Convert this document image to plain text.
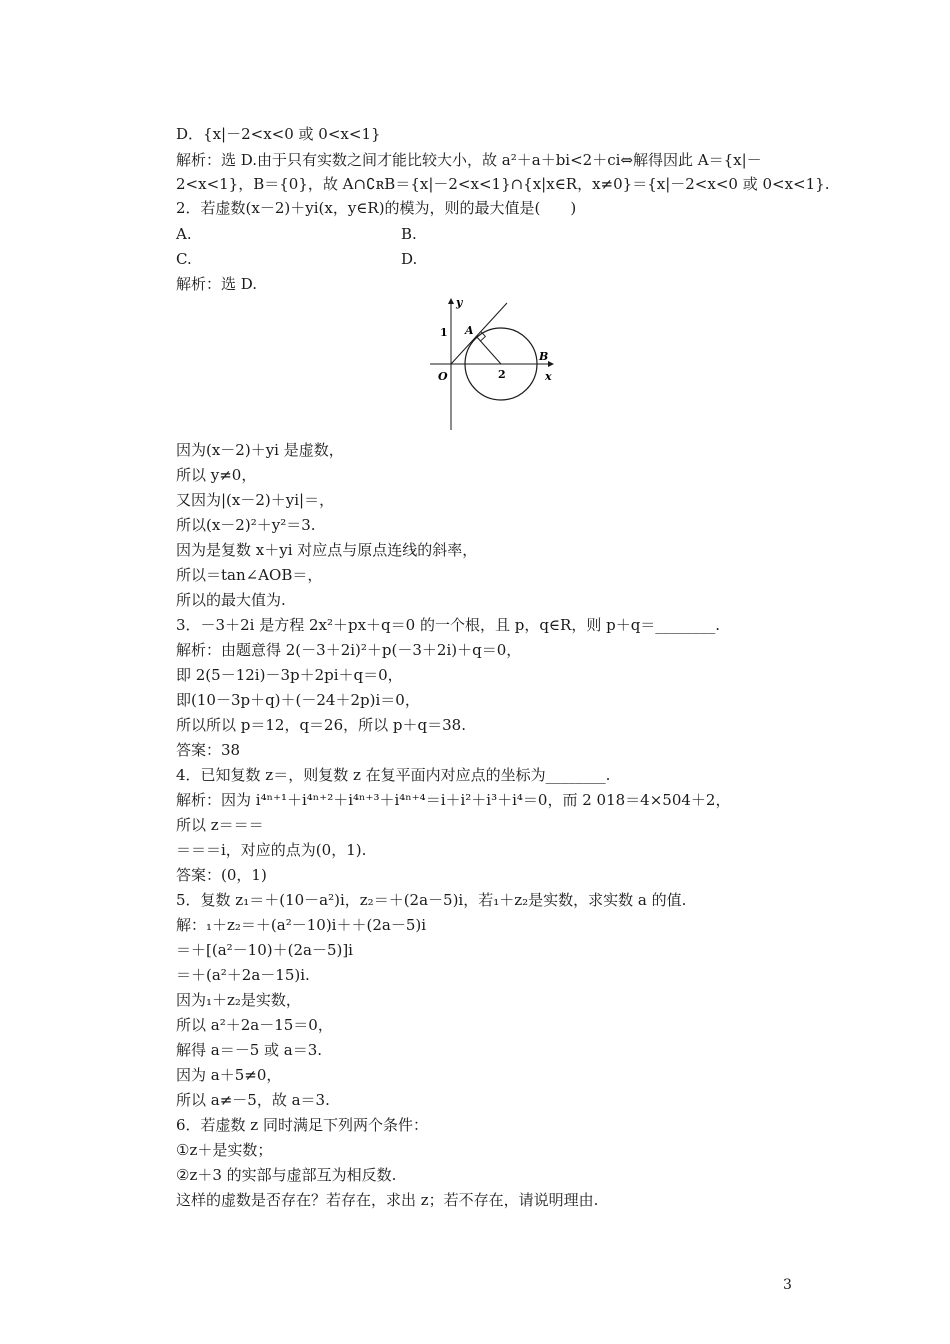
D．{x|－2<x<0 或 0<x<1}
解析：选 D.由于只有实数之间才能比较大小，故 a²＋a＋bi<2＋ci⇔解得因此 A＝{x|－
2<x<1}，B＝{0}，故 A∩∁ʀB＝{x|－2<x<1}∩{x|x∈R，x≠0}＝{x|－2<x<0 或 0<x<1}.
2．若虚数(x－2)＋yi(x，y∈R)的模为，则的最大值是(　　)
A.	B.
C.	D.
解析：选 D.
y
x
O
1
2
A
B
因为(x－2)＋yi 是虚数，
所以 y≠0，
又因为|(x－2)＋yi|＝，
所以(x－2)²＋y²＝3.
因为是复数 x＋yi 对应点与原点连线的斜率，
所以＝tan∠AOB＝，
所以的最大值为.
3．－3＋2i 是方程 2x²＋px＋q＝0 的一个根，且 p，q∈R，则 p＋q＝________.
解析：由题意得 2(－3＋2i)²＋p(－3＋2i)＋q＝0，
即 2(5－12i)－3p＋2pi＋q＝0，
即(10－3p＋q)＋(－24＋2p)i＝0，
所以所以 p＝12，q＝26，所以 p＋q＝38.
答案：38
4．已知复数 z＝，则复数 z 在复平面内对应点的坐标为________.
解析：因为 i⁴ⁿ⁺¹＋i⁴ⁿ⁺²＋i⁴ⁿ⁺³＋i⁴ⁿ⁺⁴＝i＋i²＋i³＋i⁴＝0，而 2 018＝4×504＋2，
所以 z＝＝＝
＝＝＝i，对应的点为(0，1).
答案：(0，1)
5．复数 z₁＝＋(10－a²)i，z₂＝＋(2a－5)i，若₁＋z₂是实数，求实数 a 的值.
解：₁＋z₂＝＋(a²－10)i＋＋(2a－5)i
＝＋[(a²－10)＋(2a－5)]i
＝＋(a²＋2a－15)i.
因为₁＋z₂是实数，
所以 a²＋2a－15＝0，
解得 a＝－5 或 a＝3.
因为 a＋5≠0，
所以 a≠－5，故 a＝3.
6．若虚数 z 同时满足下列两个条件：
①z＋是实数；
②z＋3 的实部与虚部互为相反数.
这样的虚数是否存在？若存在，求出 z；若不存在，请说明理由.
3
